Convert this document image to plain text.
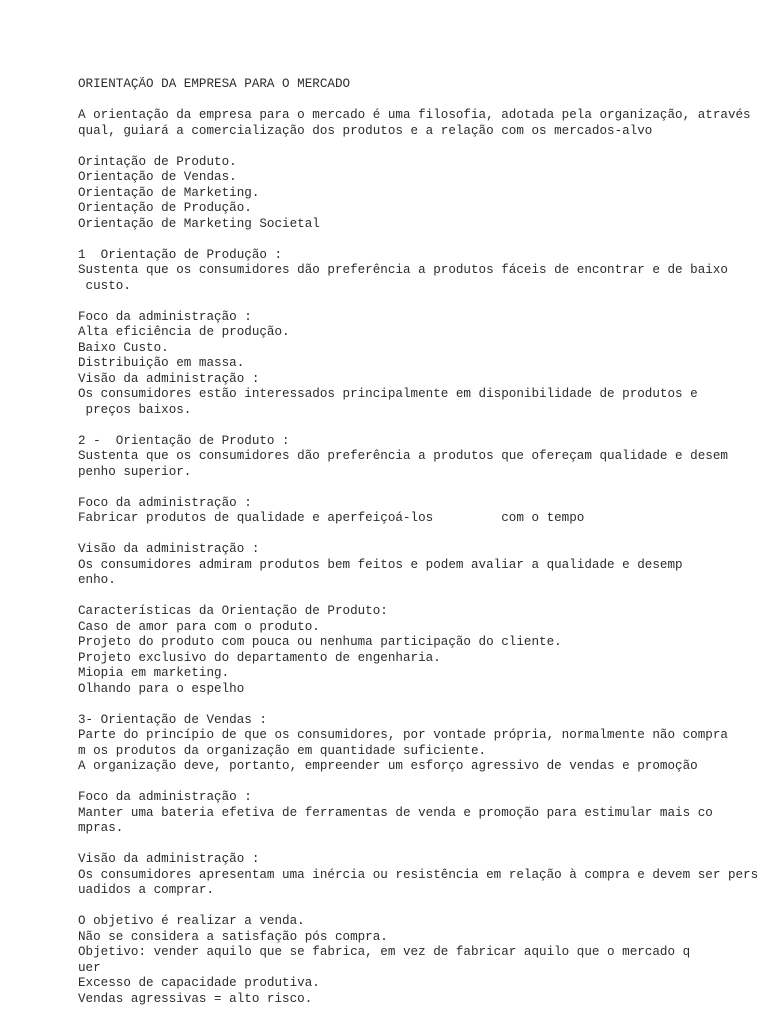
ORIENTAÇÃO DA EMPRESA PARA O MERCADO
A orientação da empresa para o mercado é uma filosofia, adotada pela organização, através
qual, guiará a comercialização dos produtos e a relação com os mercados-alvo
Orintação de Produto.
Orientação de Vendas.
Orientação de Marketing.
Orientação de Produção.
Orientação de Marketing Societal
1  Orientação de Produção :
Sustenta que os consumidores dão preferência a produtos fáceis de encontrar e de baixo
custo.
Foco da administração :
Alta eficiência de produção.
Baixo Custo.
Distribuição em massa.
Visão da administração :
Os consumidores estão interessados principalmente em disponibilidade de produtos e
preços baixos.
2 -  Orientação de Produto :
Sustenta que os consumidores dão preferência a produtos que ofereçam qualidade e desem
penho superior.
Foco da administração :
Fabricar produtos de qualidade e aperfeiçoá-los         com o tempo
Visão da administração :
Os consumidores admiram produtos bem feitos e podem avaliar a qualidade e desemp
enho.
Características da Orientação de Produto:
Caso de amor para com o produto.
Projeto do produto com pouca ou nenhuma participação do cliente.
Projeto exclusivo do departamento de engenharia.
Miopia em marketing.
Olhando para o espelho
3- Orientação de Vendas :
Parte do princípio de que os consumidores, por vontade própria, normalmente não compra
m os produtos da organização em quantidade suficiente.
A organização deve, portanto, empreender um esforço agressivo de vendas e promoção
Foco da administração :
Manter uma bateria efetiva de ferramentas de venda e promoção para estimular mais co
mpras.
Visão da administração :
Os consumidores apresentam uma inércia ou resistência em relação à compra e devem ser pers
uadidos a comprar.
O objetivo é realizar a venda.
Não se considera a satisfação pós compra.
Objetivo: vender aquilo que se fabrica, em vez de fabricar aquilo que o mercado q
uer
Excesso de capacidade produtiva.
Vendas agressivas = alto risco.
